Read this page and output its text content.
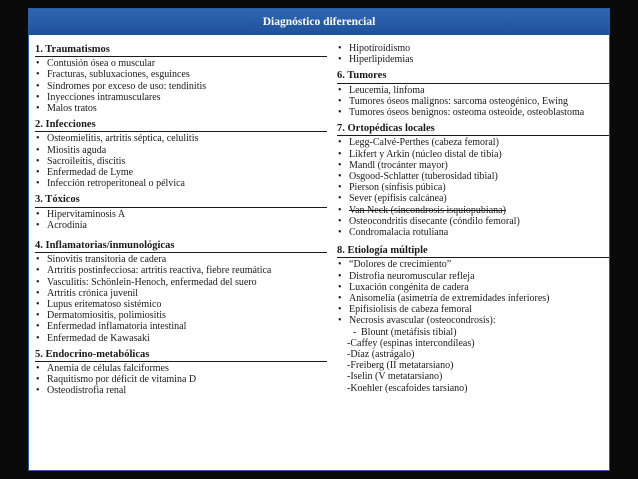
Diagnóstico diferencial
1. Traumatismos
• Contusión ósea o muscular
• Fracturas, subluxaciones, esguinces
• Síndromes por exceso de uso: tendinitis
• Inyecciones intramusculares
• Malos tratos
2. Infecciones
• Osteomielitis, artritis séptica, celulitis
• Miositis aguda
• Sacroileítis, discitis
• Enfermedad de Lyme
• Infección retroperitoneal o pélvica
3. Tóxicos
• Hipervitaminosis A
• Acrodinia
4. Inflamatorias/inmunológicas
• Sinovitis transitoria de cadera
• Artritis postinfecciosa: artritis reactiva, fiebre reumática
• Vasculitis: Schönlein-Henoch, enfermedad del suero
• Artritis crónica juvenil
• Lupus eritematoso sistémico
• Dermatomiositis, polimiositis
• Enfermedad inflamatoria intestinal
• Enfermedad de Kawasaki
5. Endocrino-metabólicas
• Anemia de células falciformes
• Raquitismo por déficit de vitamina D
• Osteodistrofia renal
• Hipotiroidismo
• Hiperlipidemias
6. Tumores
• Leucemia, linfoma
• Tumores óseos malignos: sarcoma osteogénico, Ewing
• Tumores óseos benignos: osteoma osteoide, osteoblastoma
7. Ortopédicas locales
• Legg-Calvé-Perthes (cabeza femoral)
• Likfert y Arkin (núcleo distal de tibia)
• Mandl (trocánter mayor)
• Osgood-Schlatter (tuberosidad tibial)
• Pierson (sínfisis púbica)
• Sever (epífisis calcánea)
• Van Neck (sincondrosis isquiopubiana)
• Osteocondritis disecante (cóndilo femoral)
• Condromalacia rotuliana
8. Etiología múltiple
• “Dolores de crecimiento”
• Distrofia neuromuscular refleja
• Luxación congénita de cadera
• Anisomelia (asimetría de extremidades inferiores)
• Epifisiolisis de cabeza femoral
• Necrosis avascular (osteocondrosis):
- Blount (metáfisis tibial)
-Caffey (espinas intercondíleas)
-Díaz (astrágalo)
-Freiberg (II metatarsiano)
-Iselin (V metatarsiano)
-Koehler (escafoides tarsiano)
